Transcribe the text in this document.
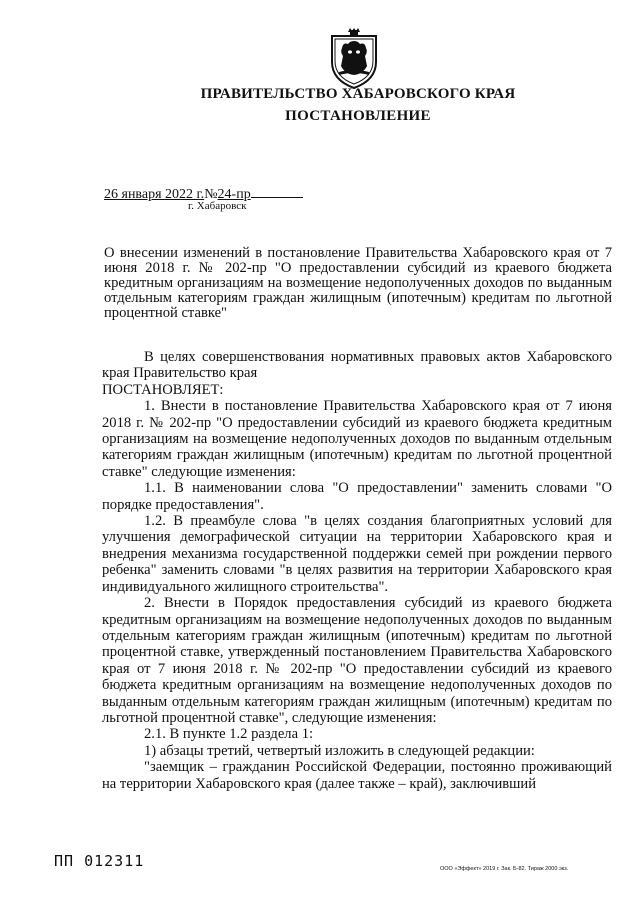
ПРАВИТЕЛЬСТВО ХАБАРОВСКОГО КРАЯ
ПОСТАНОВЛЕНИЕ
26 января 2022 г.№24-пр
г. Хабаровск
О внесении изменений в постановление Правительства Хабаровского края от 7 июня 2018 г. № 202-пр "О предоставлении субсидий из краевого бюджета кредитным организациям на возмещение недополученных доходов по выданным отдельным категориям граждан жилищным (ипотечным) кредитам по льготной процентной ставке"

В целях совершенствования нормативных правовых актов Хабаровского края Правительство края

ПОСТАНОВЛЯЕТ:

1. Внести в постановление Правительства Хабаровского края от 7 июня 2018 г. № 202-пр "О предоставлении субсидий из краевого бюджета кредитным организациям на возмещение недополученных доходов по выданным отдельным категориям граждан жилищным (ипотечным) кредитам по льготной процентной ставке" следующие изменения:

1.1. В наименовании слова "О предоставлении" заменить словами "О порядке предоставления".

1.2. В преамбуле слова "в целях создания благоприятных условий для улучшения демографической ситуации на территории Хабаровского края и внедрения механизма государственной поддержки семей при рождении первого ребенка" заменить словами "в целях развития на территории Хабаровского края индивидуального жилищного строительства".

2. Внести в Порядок предоставления субсидий из краевого бюджета кредитным организациям на возмещение недополученных доходов по выданным отдельным категориям граждан жилищным (ипотечным) кредитам по льготной процентной ставке, утвержденный постановлением Правительства Хабаровского края от 7 июня 2018 г. № 202-пр "О предоставлении субсидий из краевого бюджета кредитным организациям на возмещение недополученных доходов по выданным отдельным категориям граждан жилищным (ипотечным) кредитам по льготной процентной ставке", следующие изменения:

2.1. В пункте 1.2 раздела 1:

1) абзацы третий, четвертый изложить в следующей редакции:

"заемщик – гражданин Российской Федерации, постоянно проживающий на территории Хабаровского края (далее также – край), заключивший

ПП 012311	ООО «Эффект» 2019 г. Зак. Б-82. Тираж 2000 экз.
